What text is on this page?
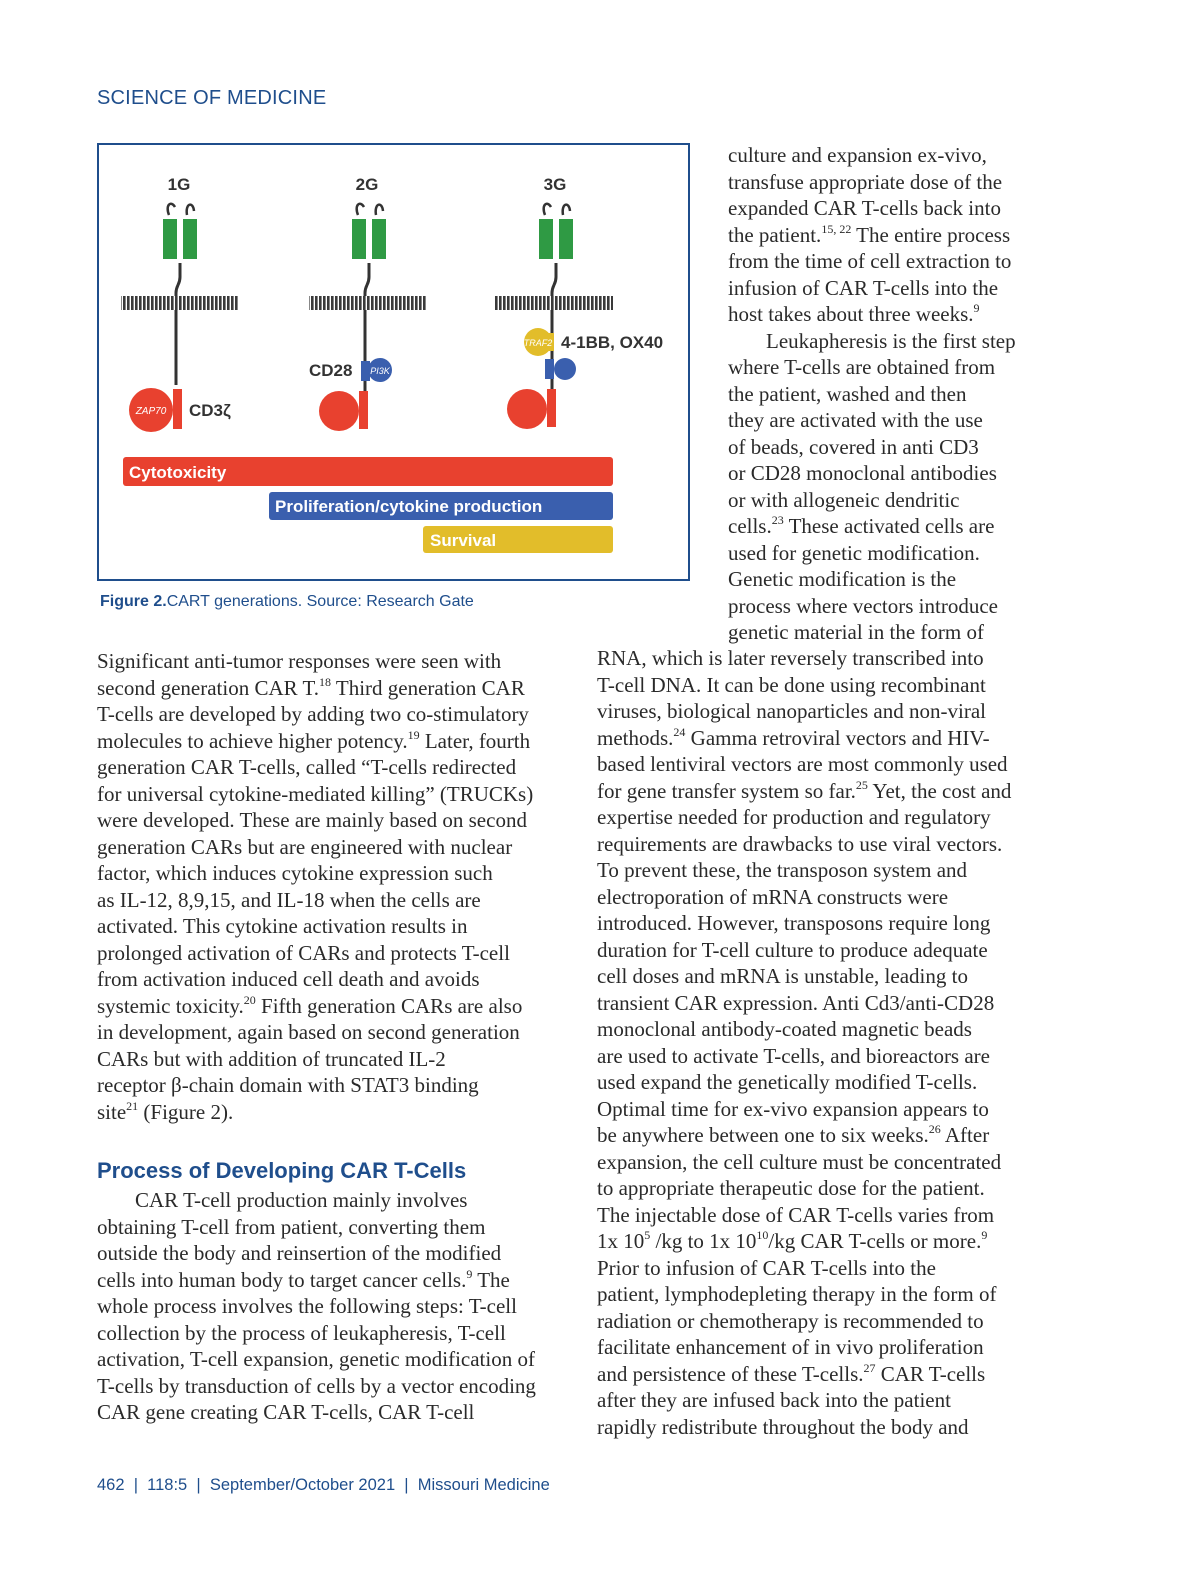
SCIENCE OF MEDICINE
1G	2G	3G
ZAP70 CD3ζ
PI3K
CD28
TRAF2 4-1BB, OX40
Cytotoxicity
Proliferation/cytokine production
Survival
Figure 2.CART generations. Source: Research Gate

culture and expansion ex-vivo,
transfuse appropriate dose of the
expanded CAR T-cells back into
the patient.$^{15, 22}$ The entire process
from the time of cell extraction to
infusion of CAR T-cells into the
host takes about three weeks.$^9$

Leukapheresis is the first step

where T-cells are obtained from
the patient, washed and then
they are activated with the use
of beads, covered in anti CD3
or CD28 monoclonal antibodies
or with allogeneic dendritic
cells.$^{23}$ These activated cells are
used for genetic modification.
Genetic modification is the
process where vectors introduce
genetic material in the form of

RNA, which is later reversely transcribed into
T-cell DNA. It can be done using recombinant
viruses, biological nanoparticles and non-viral
methods.$^{24}$ Gamma retroviral vectors and HIV-
based lentiviral vectors are most commonly used
for gene transfer system so far.$^{25}$ Yet, the cost and
expertise needed for production and regulatory
requirements are drawbacks to use viral vectors.
To prevent these, the transposon system and
electroporation of mRNA constructs were
introduced. However, transposons require long
duration for T-cell culture to produce adequate
cell doses and mRNA is unstable, leading to
transient CAR expression. Anti Cd3/anti-CD28
monoclonal antibody-coated magnetic beads
are used to activate T-cells, and bioreactors are
used expand the genetically modified T-cells.
Optimal time for ex-vivo expansion appears to
be anywhere between one to six weeks.$^{26}$ After
expansion, the cell culture must be concentrated
to appropriate therapeutic dose for the patient.
The injectable dose of CAR T-cells varies from
1x $10^5$ /kg to 1x $10^{10}/kg$ CAR T-cells or more.$^9$
Prior to infusion of CAR T-cells into the
patient, lymphodepleting therapy in the form of
radiation or chemotherapy is recommended to
facilitate enhancement of in vivo proliferation
and persistence of these T-cells.$^{27}$ CAR T-cells
after they are infused back into the patient
rapidly redistribute throughout the body and

Significant anti-tumor responses were seen with
second generation CAR T.$^{18}$ Third generation CAR
T-cells are developed by adding two co-stimulatory
molecules to achieve higher potency.$^{19}$ Later, fourth
generation CAR T-cells, called “T-cells redirected
for universal cytokine-mediated killing” (TRUCKs)
were developed. These are mainly based on second
generation CARs but are engineered with nuclear
factor, which induces cytokine expression such
as IL-12, 8,9,15, and IL-18 when the cells are
activated. This cytokine activation results in
prolonged activation of CARs and protects T-cell
from activation induced cell death and avoids
systemic toxicity.$^{20}$ Fifth generation CARs are also
in development, again based on second generation
CARs but with addition of truncated IL-2
receptor β-chain domain with STAT3 binding
site$^{21}$ (Figure 2).

Process of Developing CAR T-Cells

CAR T-cell production mainly involves

obtaining T-cell from patient, converting them
outside the body and reinsertion of the modified
cells into human body to target cancer cells.$^9$ The
whole process involves the following steps: T-cell
collection by the process of leukapheresis, T-cell
activation, T-cell expansion, genetic modification of
T-cells by transduction of cells by a vector encoding
CAR gene creating CAR T-cells, CAR T-cell

462  |  118:5  |  September/October 2021  |  Missouri Medicine
